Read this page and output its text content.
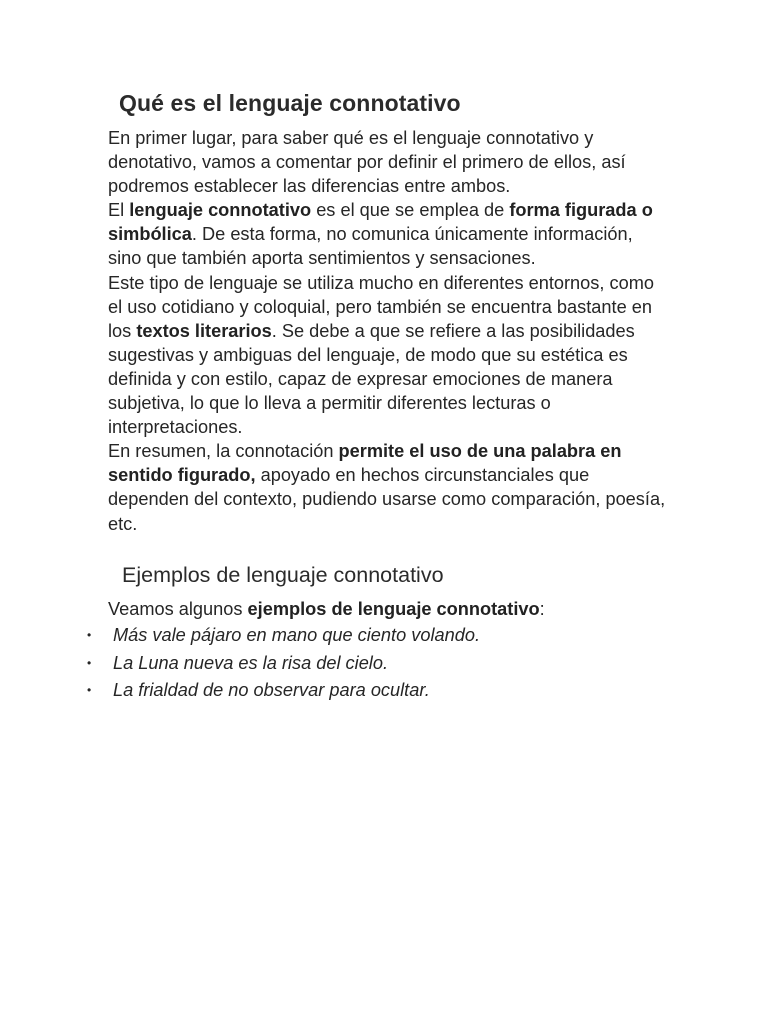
Qué es el lenguaje connotativo

En primer lugar, para saber qué es el lenguaje connotativo y denotativo, vamos a comentar por definir el primero de ellos, así podremos establecer las diferencias entre ambos.

El lenguaje connotativo es el que se emplea de forma figurada o simbólica. De esta forma, no comunica únicamente información, sino que también aporta sentimientos y sensaciones.

Este tipo de lenguaje se utiliza mucho en diferentes entornos, como el uso cotidiano y coloquial, pero también se encuentra bastante en los textos literarios. Se debe a que se refiere a las posibilidades sugestivas y ambiguas del lenguaje, de modo que su estética es definida y con estilo, capaz de expresar emociones de manera subjetiva, lo que lo lleva a permitir diferentes lecturas o interpretaciones.

En resumen, la connotación permite el uso de una palabra en sentido figurado, apoyado en hechos circunstanciales que dependen del contexto, pudiendo usarse como comparación, poesía, etc.

Ejemplos de lenguaje connotativo

Veamos algunos ejemplos de lenguaje connotativo:

• Más vale pájaro en mano que ciento volando.
• La Luna nueva es la risa del cielo.
• La frialdad de no observar para ocultar.
